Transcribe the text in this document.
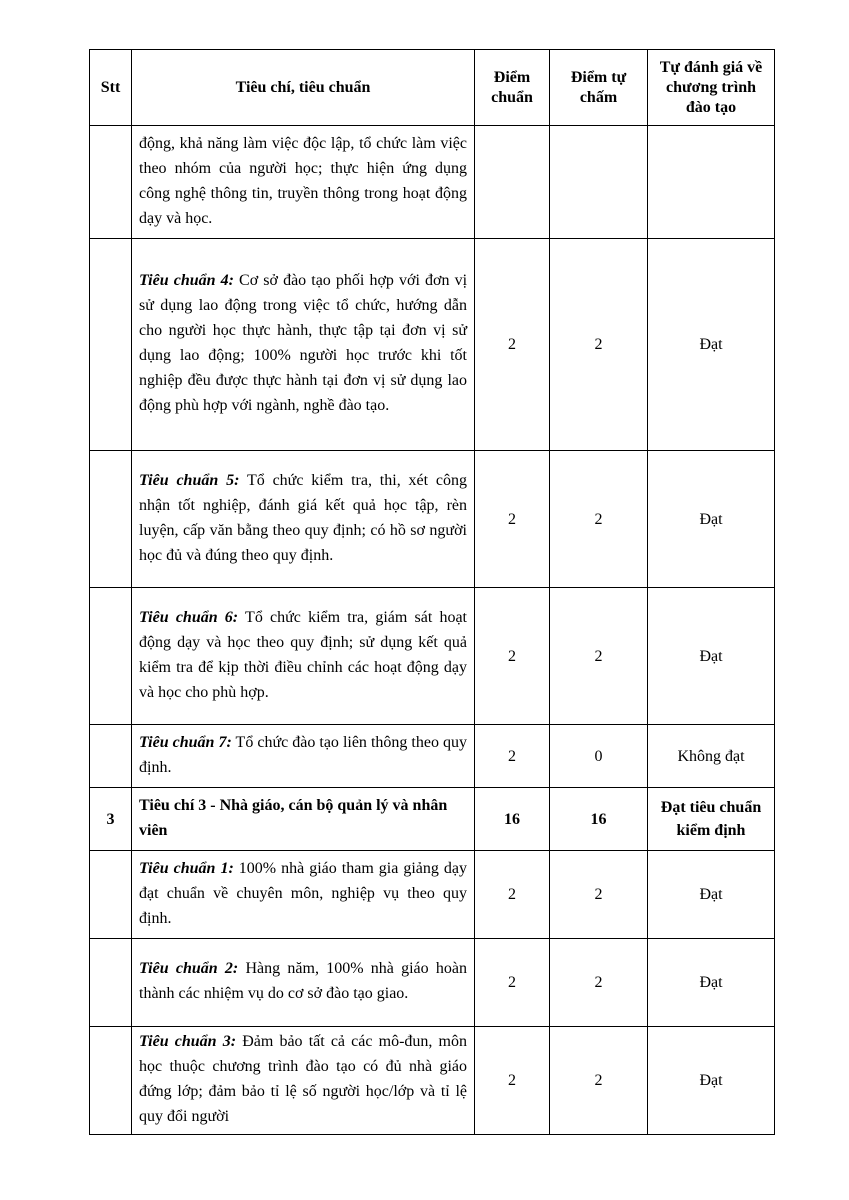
Stt	Tiêu chí, tiêu chuẩn	Điểm chuẩn	Điểm tự chấm	Tự đánh giá về chương trình đào tạo

	động, khả năng làm việc độc lập, tổ chức làm việc theo nhóm của người học; thực hiện ứng dụng công nghệ thông tin, truyền thông trong hoạt động dạy và học.			

	Tiêu chuẩn 4: Cơ sở đào tạo phối hợp với đơn vị sử dụng lao động trong việc tổ chức, hướng dẫn cho người học thực hành, thực tập tại đơn vị sử dụng lao động; 100% người học trước khi tốt nghiệp đều được thực hành tại đơn vị sử dụng lao động phù hợp với ngành, nghề đào tạo.	2	2	Đạt

	Tiêu chuẩn 5: Tổ chức kiểm tra, thi, xét công nhận tốt nghiệp, đánh giá kết quả học tập, rèn luyện, cấp văn bằng theo quy định; có hồ sơ người học đủ và đúng theo quy định.	2	2	Đạt

	Tiêu chuẩn 6: Tổ chức kiểm tra, giám sát hoạt động dạy và học theo quy định; sử dụng kết quả kiểm tra để kịp thời điều chỉnh các hoạt động dạy và học cho phù hợp.	2	2	Đạt

	Tiêu chuẩn 7: Tổ chức đào tạo liên thông theo quy định.	2	0	Không đạt
3	Tiêu chí 3 - Nhà giáo, cán bộ quản lý và nhân viên	16	16	Đạt tiêu chuẩn kiểm định

	Tiêu chuẩn 1: 100% nhà giáo tham gia giảng dạy đạt chuẩn về chuyên môn, nghiệp vụ theo quy định.	2	2	Đạt

	Tiêu chuẩn 2: Hàng năm, 100% nhà giáo hoàn thành các nhiệm vụ do cơ sở đào tạo giao.	2	2	Đạt

	Tiêu chuẩn 3: Đảm bảo tất cả các mô-đun, môn học thuộc chương trình đào tạo có đủ nhà giáo đứng lớp; đảm bảo tỉ lệ số người học/lớp và tỉ lệ quy đổi người	2	2	Đạt
